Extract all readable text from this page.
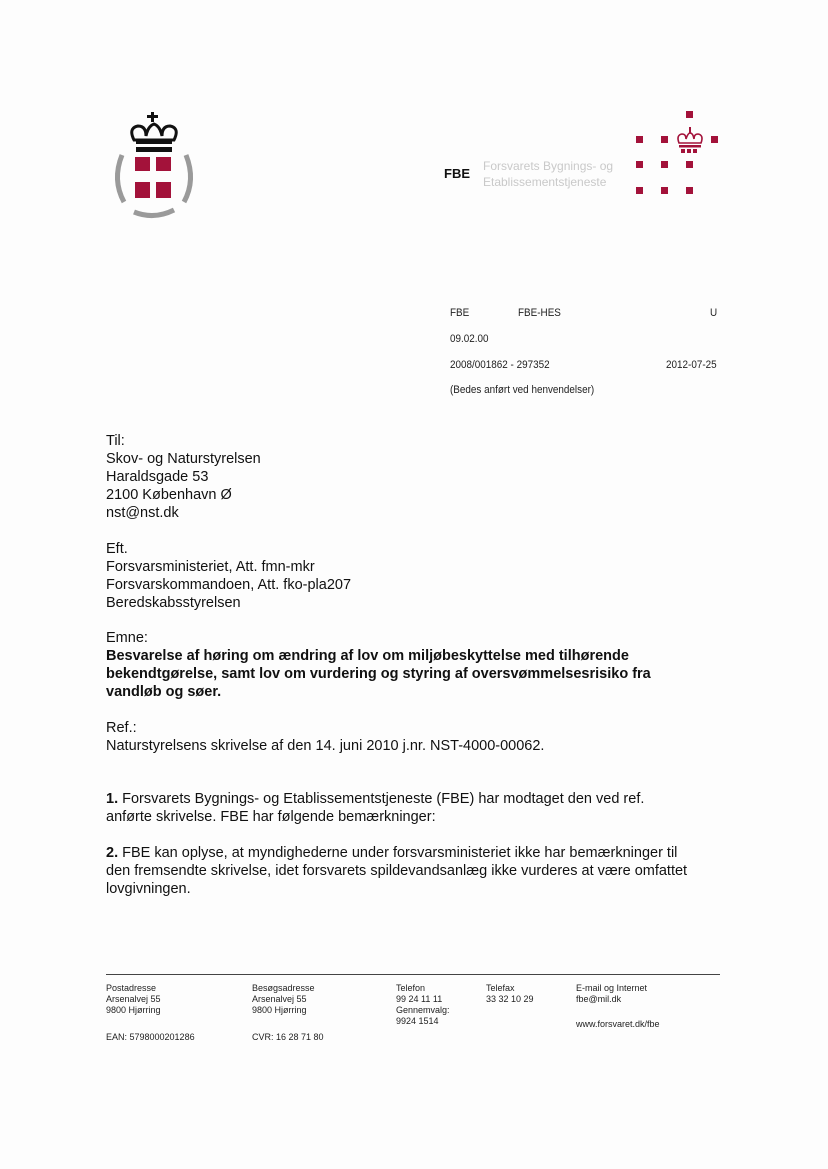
FBE Forsvarets Bygnings- og
Etablissementstjeneste
FBE	FBE-HES	U
09.02.00
2008/001862 - 297352	2012-07-25
(Bedes anført ved henvendelser)
Til:
Skov- og Naturstyrelsen
Haraldsgade 53
2100 København Ø
nst@nst.dk
Eft.
Forsvarsministeriet, Att. fmn-mkr
Forsvarskommandoen, Att. fko-pla207
Beredskabsstyrelsen
Emne:
Besvarelse af høring om ændring af lov om miljøbeskyttelse med tilhørende
bekendtgørelse, samt lov om vurdering og styring af oversvømmelsesrisiko fra
vandløb og søer.
Ref.:
Naturstyrelsens skrivelse af den 14. juni 2010 j.nr. NST-4000-00062.
1. Forsvarets Bygnings- og Etablissementstjeneste (FBE) har modtaget den ved ref.
anførte skrivelse. FBE har følgende bemærkninger:
2. FBE kan oplyse, at myndighederne under forsvarsministeriet ikke har bemærkninger til
den fremsendte skrivelse, idet forsvarets spildevandsanlæg ikke vurderes at være omfattet
lovgivningen.
Postadresse
Arsenalvej 55
9800 Hjørring
Besøgsadresse
Arsenalvej 55
9800 Hjørring
Telefon
99 24 11 11
Gennemvalg:
9924 1514
Telefax
33 32 10 29
E-mail og Internet
fbe@mil.dk
www.forsvaret.dk/fbe
EAN: 5798000201286	CVR: 16 28 71 80
